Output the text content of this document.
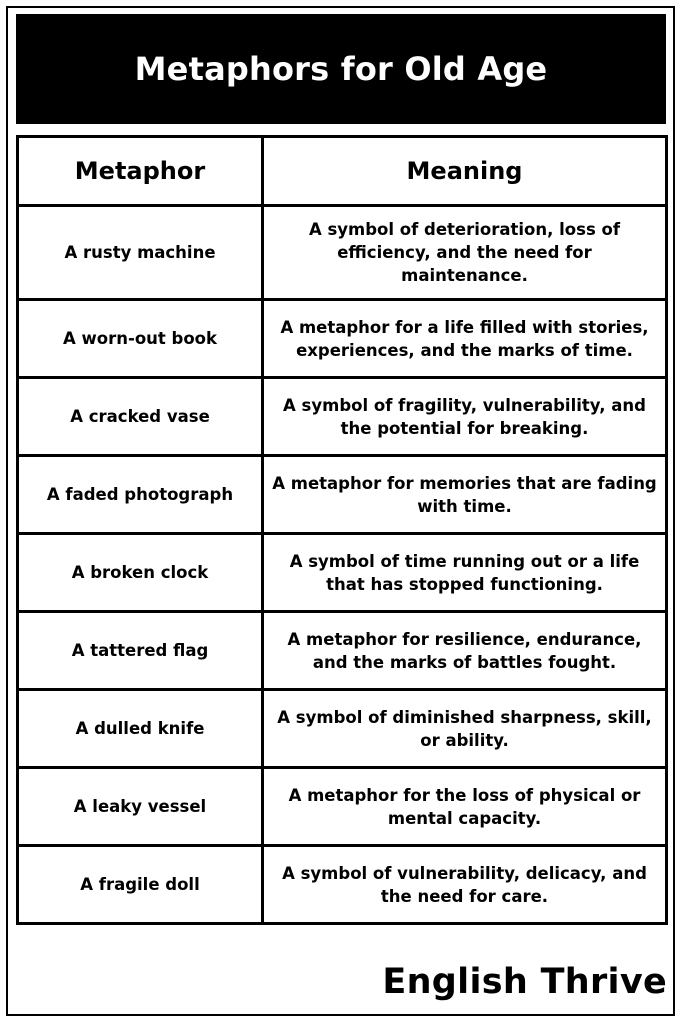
Metaphors for Old Age
Metaphor	Meaning
A rusty machine	A symbol of deterioration, loss of efficiency, and the need for maintenance.
A worn-out book	A metaphor for a life filled with stories, experiences, and the marks of time.
A cracked vase	A symbol of fragility, vulnerability, and the potential for breaking.
A faded photograph	A metaphor for memories that are fading with time.
A broken clock	A symbol of time running out or a life that has stopped functioning.
A tattered flag	A metaphor for resilience, endurance, and the marks of battles fought.
A dulled knife	A symbol of diminished sharpness, skill, or ability.
A leaky vessel	A metaphor for the loss of physical or mental capacity.
A fragile doll	A symbol of vulnerability, delicacy, and the need for care.
English Thrive
